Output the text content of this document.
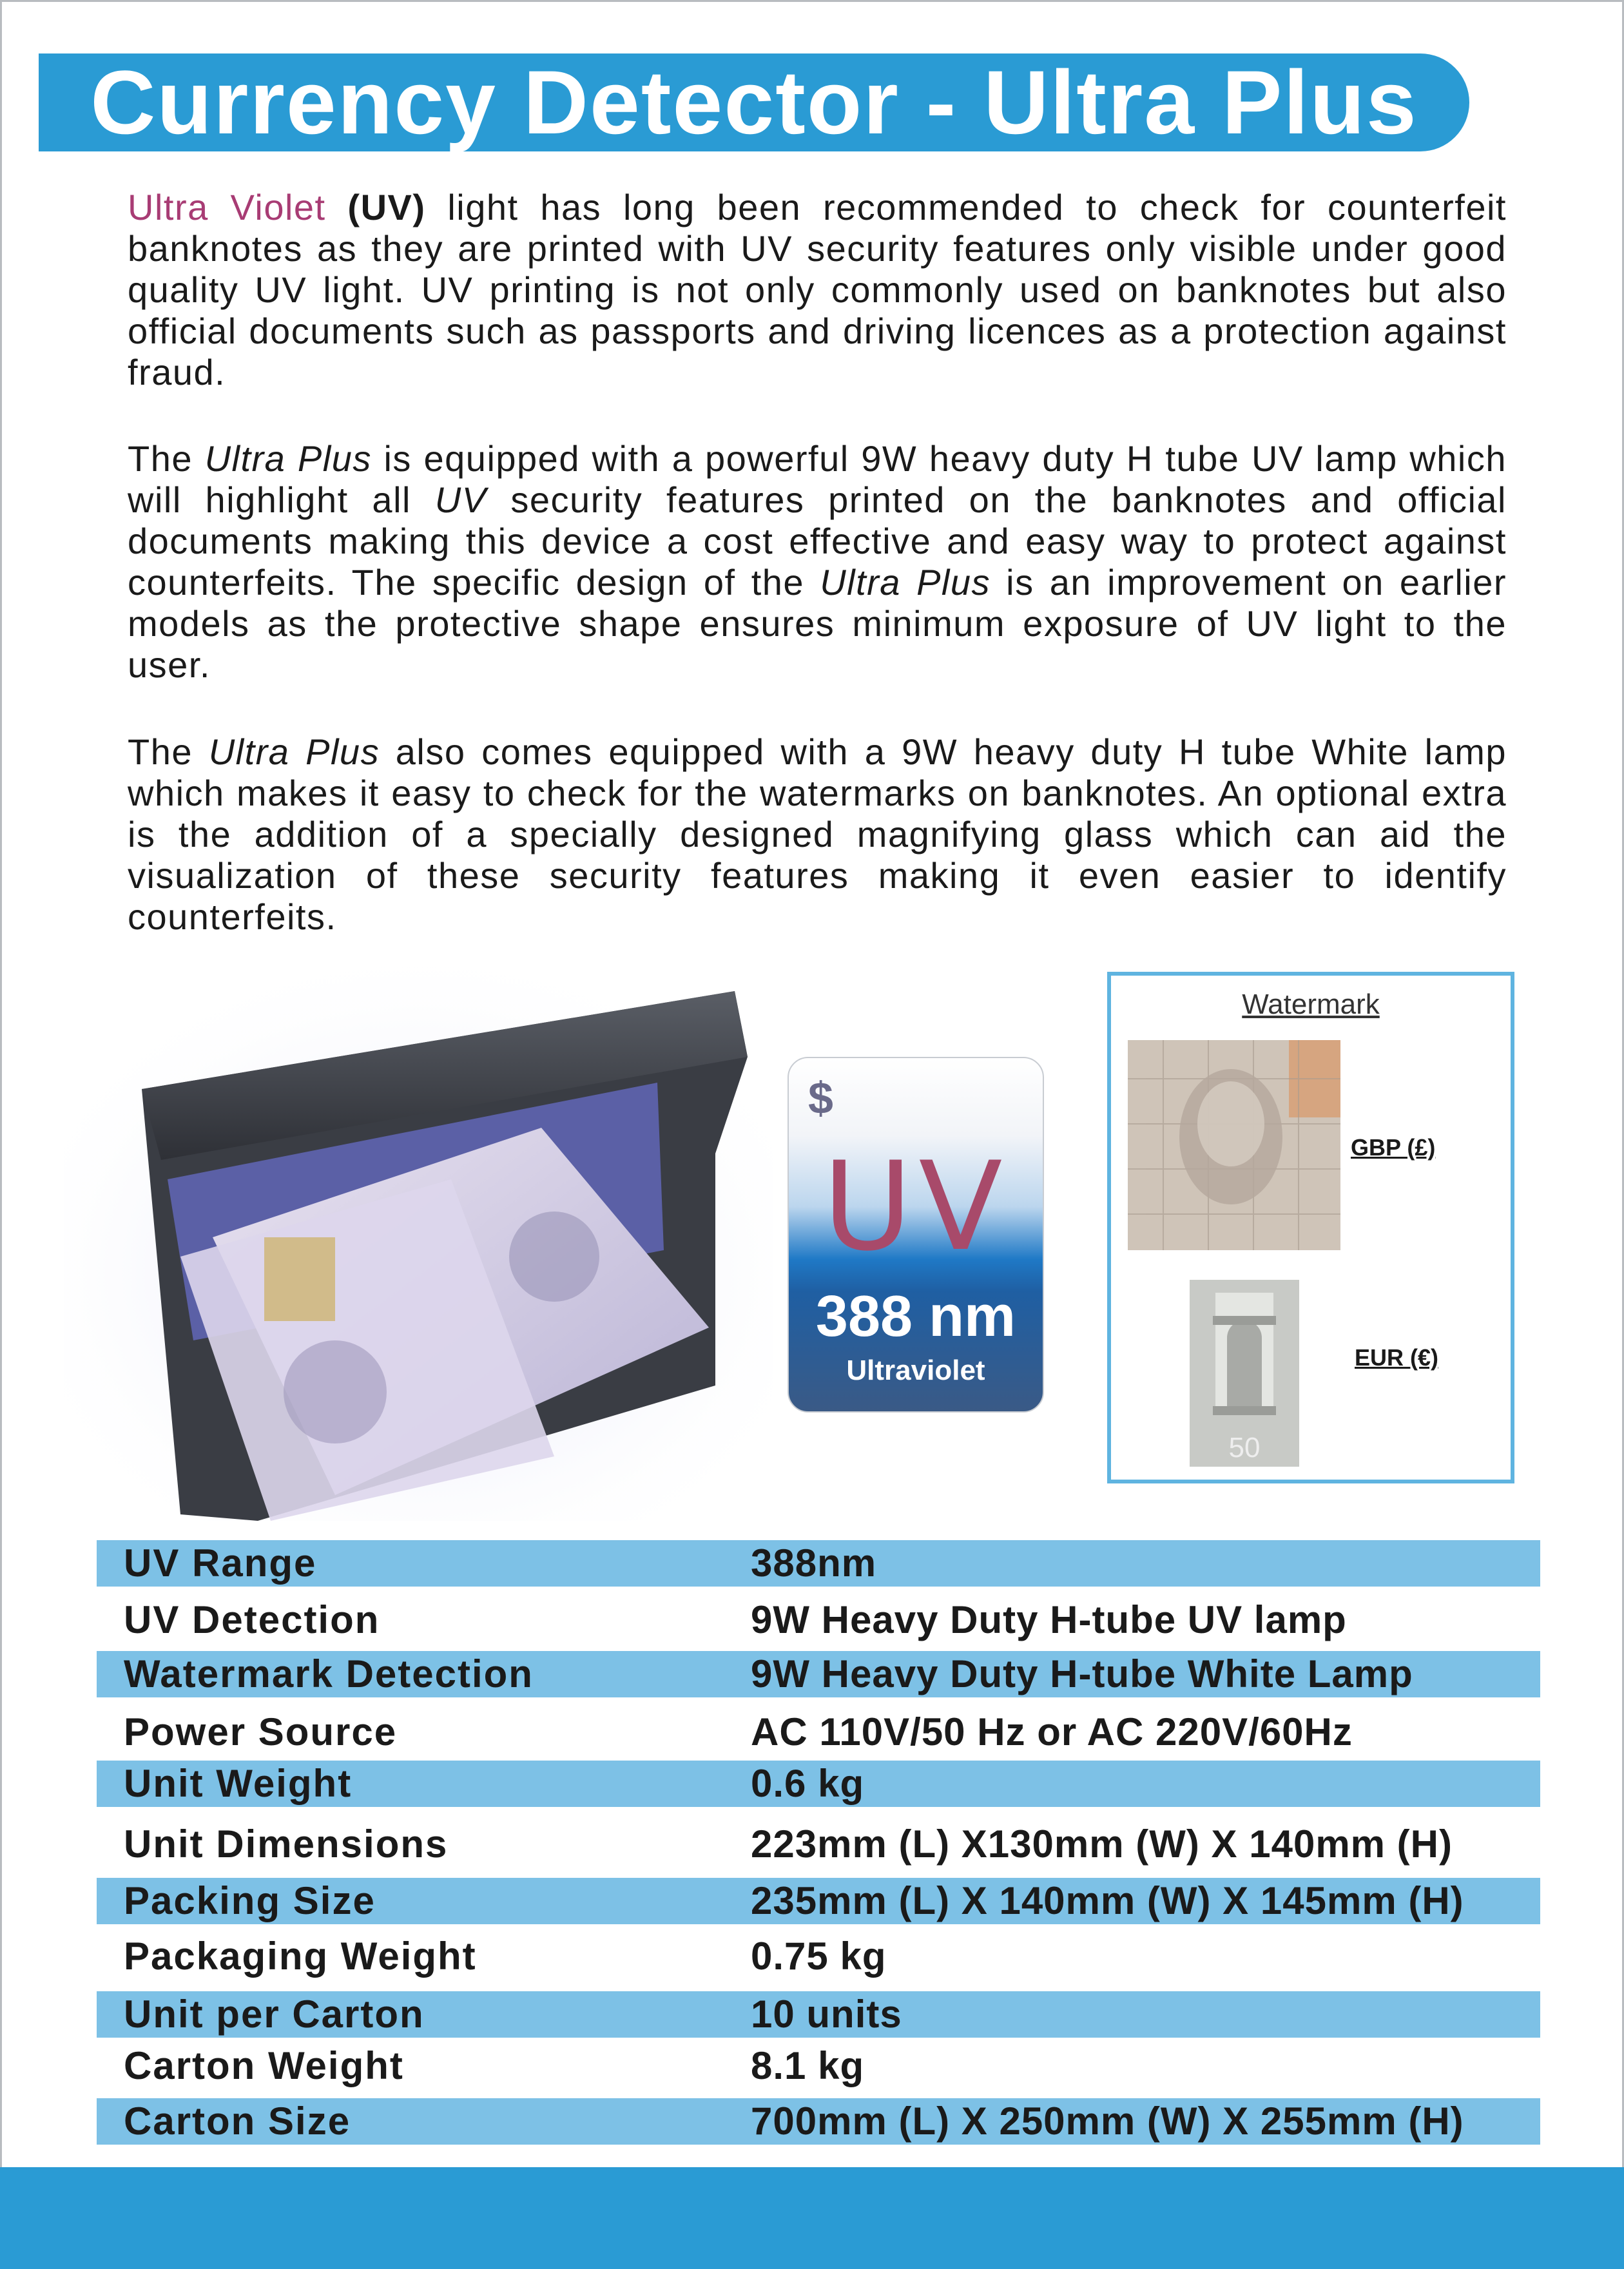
Currency Detector - Ultra Plus
Ultra Violet (UV) light has long been recommended to check for counterfeit banknotes as they are printed with UV security features only visible under good quality UV light. UV printing is not only commonly used on banknotes but also official documents such as passports and driving licences as a protection against fraud.
The Ultra Plus is equipped with a powerful 9W heavy duty H tube UV lamp which will highlight all UV security features printed on the banknotes and official documents making this device a cost effective and easy way to protect against counterfeits. The specific design of the Ultra Plus is an improvement on earlier models as the protective shape ensures minimum exposure of UV light to the user.
The Ultra Plus also comes equipped with a 9W heavy duty H tube White lamp which makes it easy to check for the watermarks on banknotes. An optional extra is the addition of a specially designed magnifying glass which can aid the visualization of these security features making it even easier to identify counterfeits.
$
UV
388 nm
Ultraviolet
Watermark
GBP (£)
50
EUR (€)
UV Range	388nm
UV Detection	9W Heavy Duty H-tube UV lamp
Watermark Detection	9W Heavy Duty H-tube White Lamp
Power Source	AC 110V/50 Hz or AC 220V/60Hz
Unit Weight	0.6 kg
Unit Dimensions	223mm (L) X130mm (W) X 140mm (H)
Packing Size	235mm (L) X 140mm (W) X 145mm (H)
Packaging Weight	0.75 kg
Unit per Carton	10 units
Carton Weight	8.1 kg
Carton Size	700mm (L) X 250mm (W) X 255mm (H)
